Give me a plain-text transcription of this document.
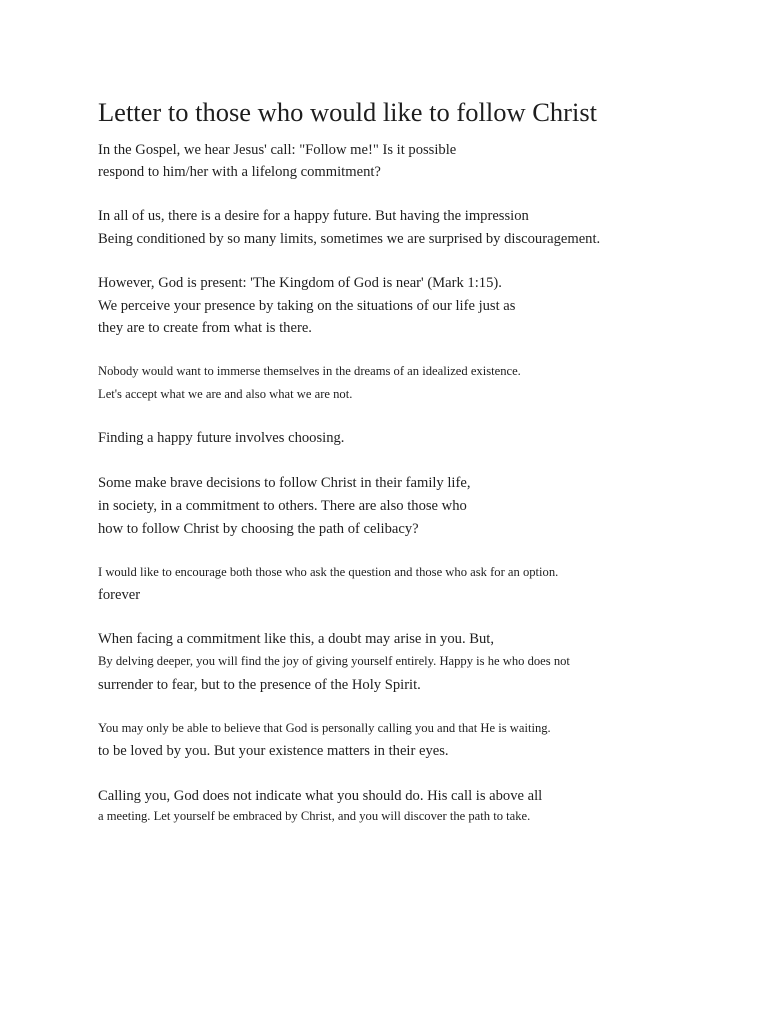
Letter to those who would like to follow Christ

In the Gospel, we hear Jesus' call: "Follow me!" Is it possible

respond to him/her with a lifelong commitment?

In all of us, there is a desire for a happy future. But having the impression

Being conditioned by so many limits, sometimes we are surprised by discouragement.

However, God is present: 'The Kingdom of God is near' (Mark 1:15).

We perceive your presence by taking on the situations of our life just as

they are to create from what is there.

Nobody would want to immerse themselves in the dreams of an idealized existence.

Let's accept what we are and also what we are not.

Finding a happy future involves choosing.

Some make brave decisions to follow Christ in their family life,

in society, in a commitment to others. There are also those who

how to follow Christ by choosing the path of celibacy?

I would like to encourage both those who ask the question and those who ask for an option.

forever

When facing a commitment like this, a doubt may arise in you. But,

By delving deeper, you will find the joy of giving yourself entirely. Happy is he who does not

surrender to fear, but to the presence of the Holy Spirit.

You may only be able to believe that God is personally calling you and that He is waiting.

to be loved by you. But your existence matters in their eyes.

Calling you, God does not indicate what you should do. His call is above all

a meeting. Let yourself be embraced by Christ, and you will discover the path to take.
